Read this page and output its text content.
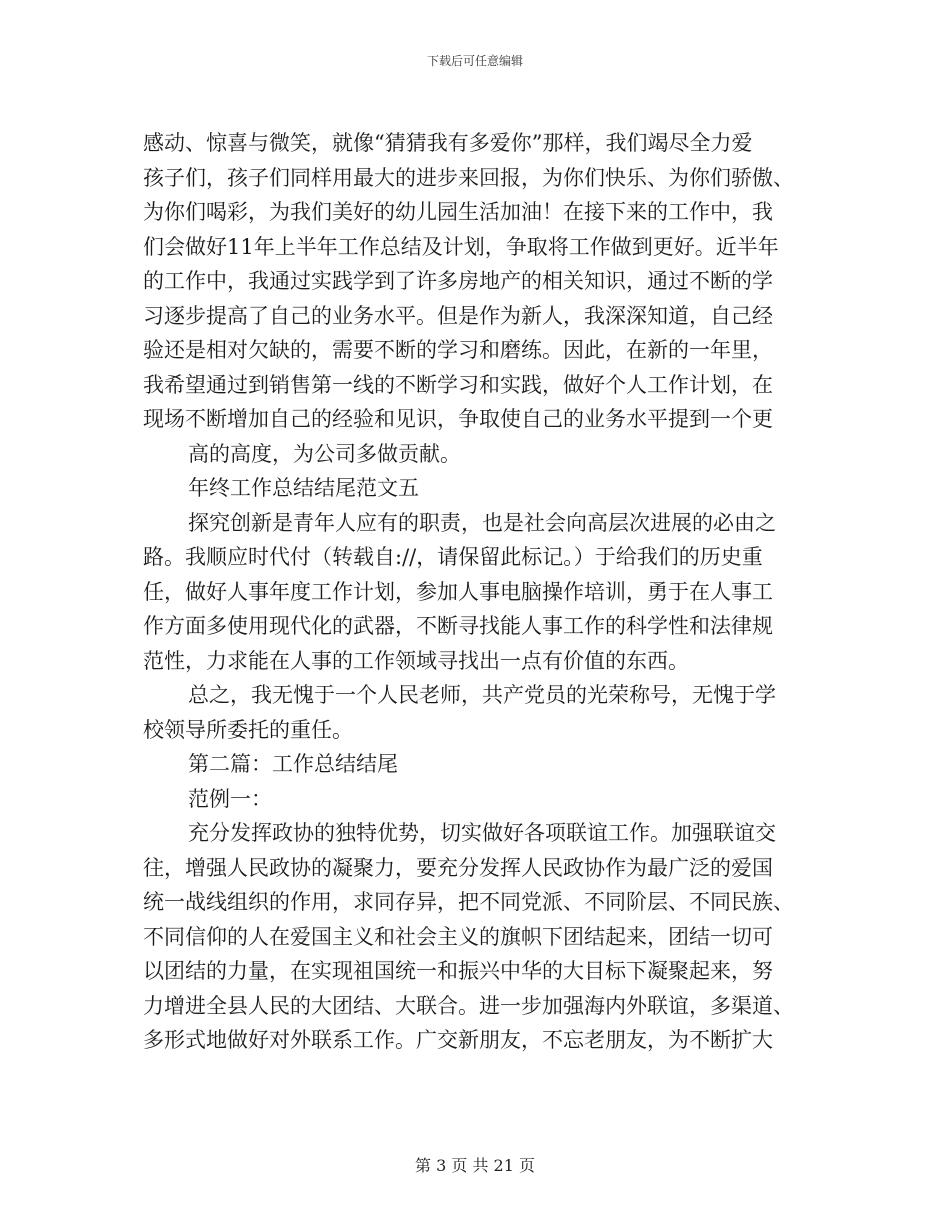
下载后可任意编辑
感动、惊喜与微笑，就像“猜猜我有多爱你”那样，我们竭尽全力爱
孩子们，孩子们同样用最大的进步来回报，为你们快乐、为你们骄傲、
为你们喝彩，为我们美好的幼儿园生活加油！在接下来的工作中，我
们会做好11年上半年工作总结及计划，争取将工作做到更好。近半年
的工作中，我通过实践学到了许多房地产的相关知识，通过不断的学
习逐步提高了自己的业务水平。但是作为新人，我深深知道，自己经
验还是相对欠缺的，需要不断的学习和磨练。因此，在新的一年里，
我希望通过到销售第一线的不断学习和实践，做好个人工作计划，在
现场不断增加自己的经验和见识，争取使自己的业务水平提到一个更
高的高度，为公司多做贡献。
年终工作总结结尾范文五
探究创新是青年人应有的职责，也是社会向高层次进展的必由之
路。我顺应时代付（转载自://，请保留此标记。）于给我们的历史重
任，做好人事年度工作计划，参加人事电脑操作培训，勇于在人事工
作方面多使用现代化的武器，不断寻找能人事工作的科学性和法律规
范性，力求能在人事的工作领域寻找出一点有价值的东西。
总之，我无愧于一个人民老师，共产党员的光荣称号，无愧于学
校领导所委托的重任。
第二篇：工作总结结尾
范例一：
充分发挥政协的独特优势，切实做好各项联谊工作。加强联谊交
往，增强人民政协的凝聚力，要充分发挥人民政协作为最广泛的爱国
统一战线组织的作用，求同存异，把不同党派、不同阶层、不同民族、
不同信仰的人在爱国主义和社会主义的旗帜下团结起来，团结一切可
以团结的力量，在实现祖国统一和振兴中华的大目标下凝聚起来，努
力增进全县人民的大团结、大联合。进一步加强海内外联谊，多渠道、
多形式地做好对外联系工作。广交新朋友，不忘老朋友，为不断扩大
第 3 页 共 21 页
